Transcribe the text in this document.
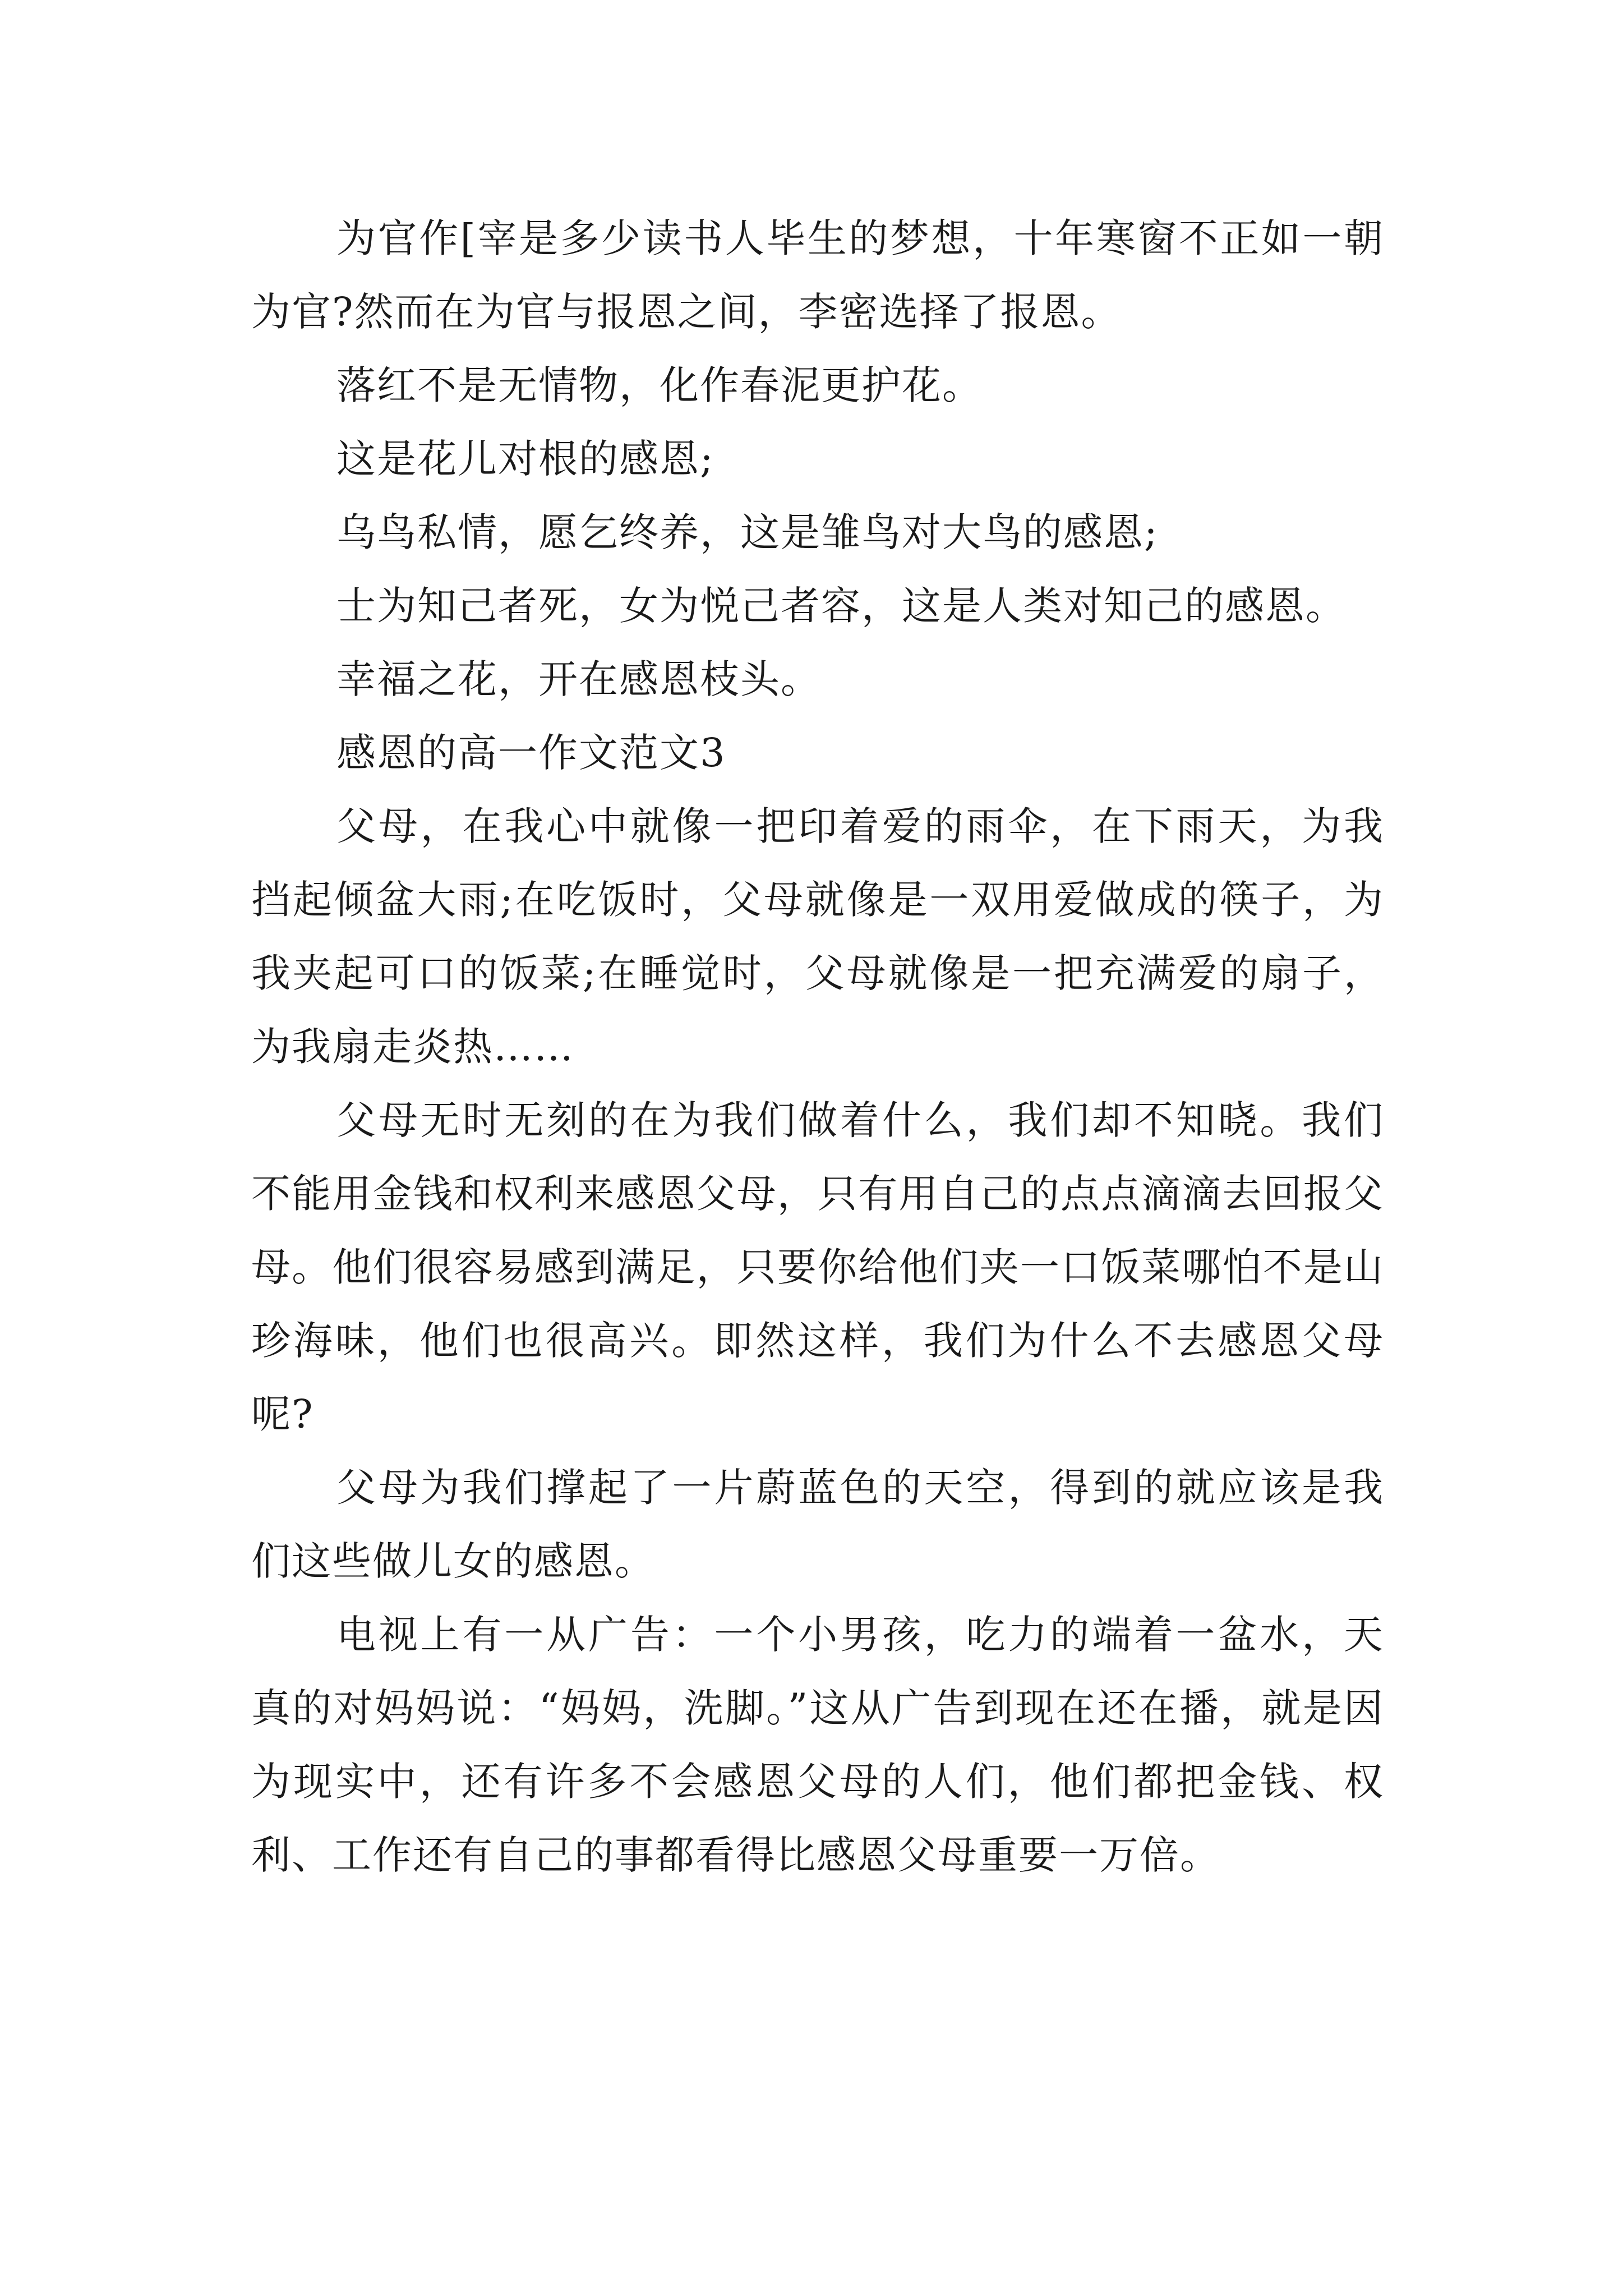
为官作[宰是多少读书人毕生的梦想，十年寒窗不正如一朝为官?然而在为官与报恩之间，李密选择了报恩。

落红不是无情物，化作春泥更护花。

这是花儿对根的感恩;

乌鸟私情，愿乞终养，这是雏鸟对大鸟的感恩;

士为知己者死，女为悦己者容，这是人类对知己的感恩。

幸福之花，开在感恩枝头。

感恩的高一作文范文3

父母，在我心中就像一把印着爱的雨伞，在下雨天，为我挡起倾盆大雨;在吃饭时，父母就像是一双用爱做成的筷子，为我夹起可口的饭菜;在睡觉时，父母就像是一把充满爱的扇子，为我扇走炎热……

父母无时无刻的在为我们做着什么，我们却不知晓。我们不能用金钱和权利来感恩父母，只有用自己的点点滴滴去回报父母。他们很容易感到满足，只要你给他们夹一口饭菜哪怕不是山珍海味，他们也很高兴。即然这样，我们为什么不去感恩父母呢?

父母为我们撑起了一片蔚蓝色的天空，得到的就应该是我们这些做儿女的感恩。

电视上有一从广告：一个小男孩，吃力的端着一盆水，天真的对妈妈说：“妈妈，洗脚。”这从广告到现在还在播，就是因为现实中，还有许多不会感恩父母的人们，他们都把金钱、权利、工作还有自己的事都看得比感恩父母重要一万倍。
